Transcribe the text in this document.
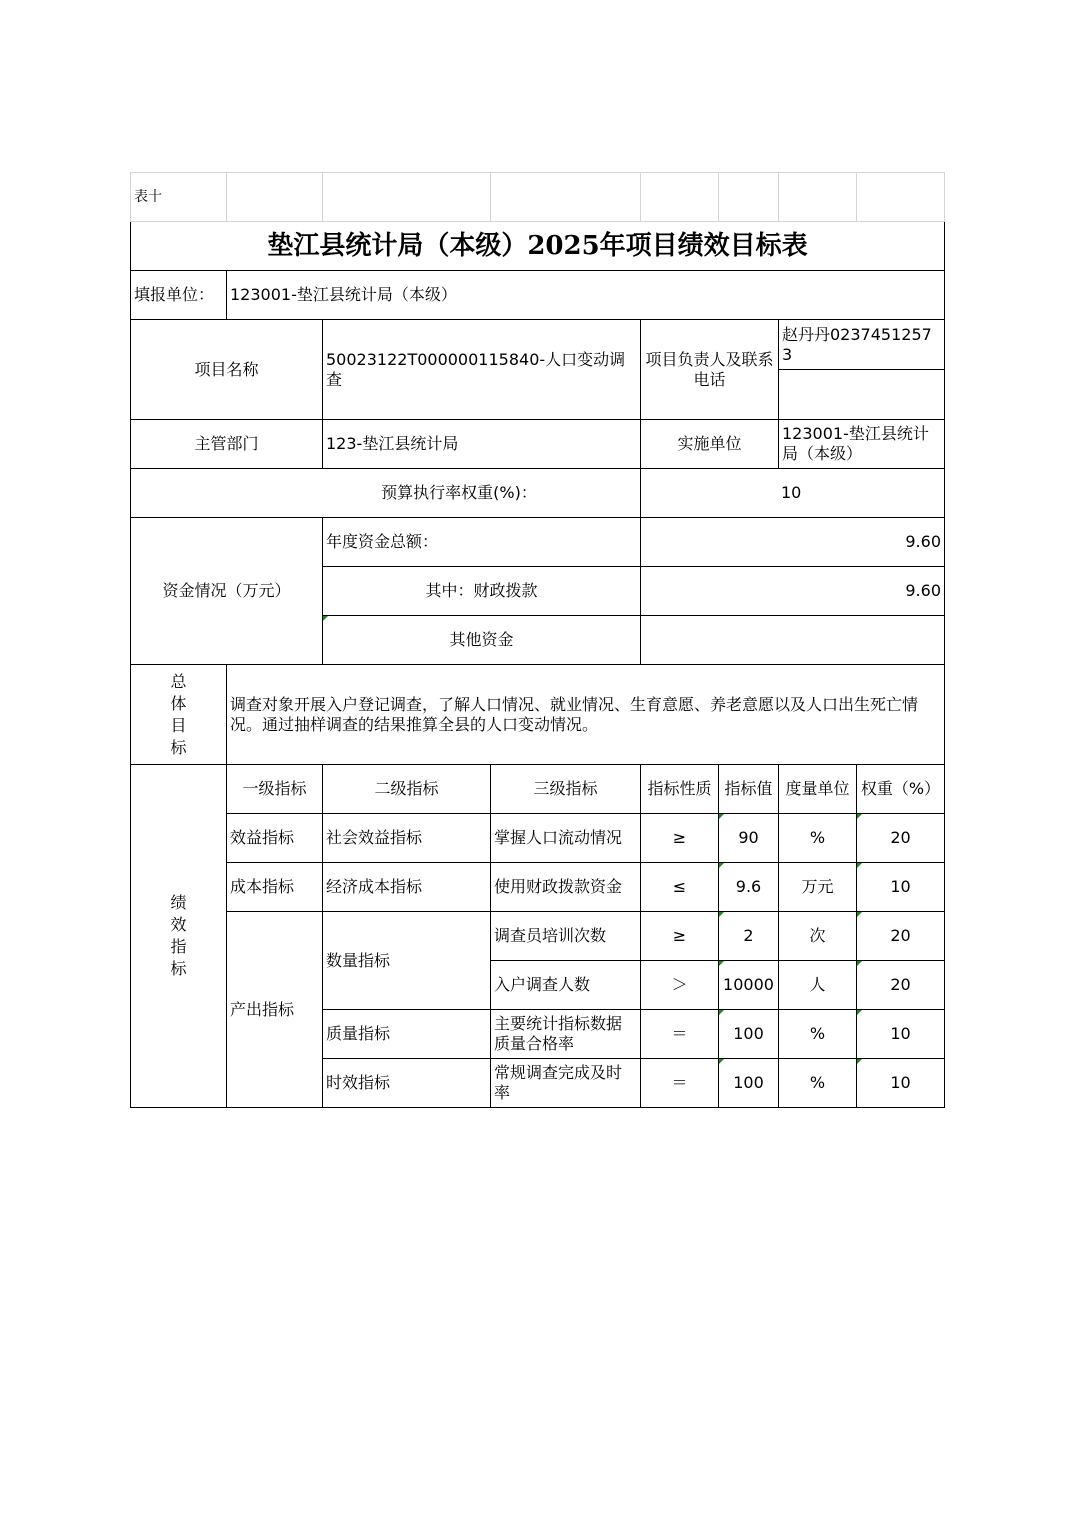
表十							
垫江县统计局（本级）2025年项目绩效目标表							
填报单位：	123001-垫江县统计局（本级）						
项目名称		50023122T000000115840-人口变动调查		项目负责人及联系电话		赵丹丹02374512573	

主管部门		123-垫江县统计局		实施单位		123001-垫江县统计局（本级）	
预算执行率权重(%)：				10			
资金情况（万元）		年度资金总额：		9.60			
		其中：财政拨款		9.60			
		其他资金					

总体目标	调查对象开展入户登记调查，了解人口情况、就业情况、生育意愿、养老意愿以及人口出生死亡情况。通过抽样调查的结果推算全县的人口变动情况。						

绩效指标	一级指标	二级指标	三级指标	指标性质	指标值	度量单位	权重（%）
	效益指标	社会效益指标	掌握人口流动情况	≥	90	%	20
	成本指标	经济成本指标	使用财政拨款资金	≤	9.6	万元	10
	产出指标	数量指标	调查员培训次数	≥	2	次	20
			入户调查人数	＞	10000	人	20
		质量指标	主要统计指标数据质量合格率	＝	100	%	10
		时效指标	常规调查完成及时率	＝	100	%	10
